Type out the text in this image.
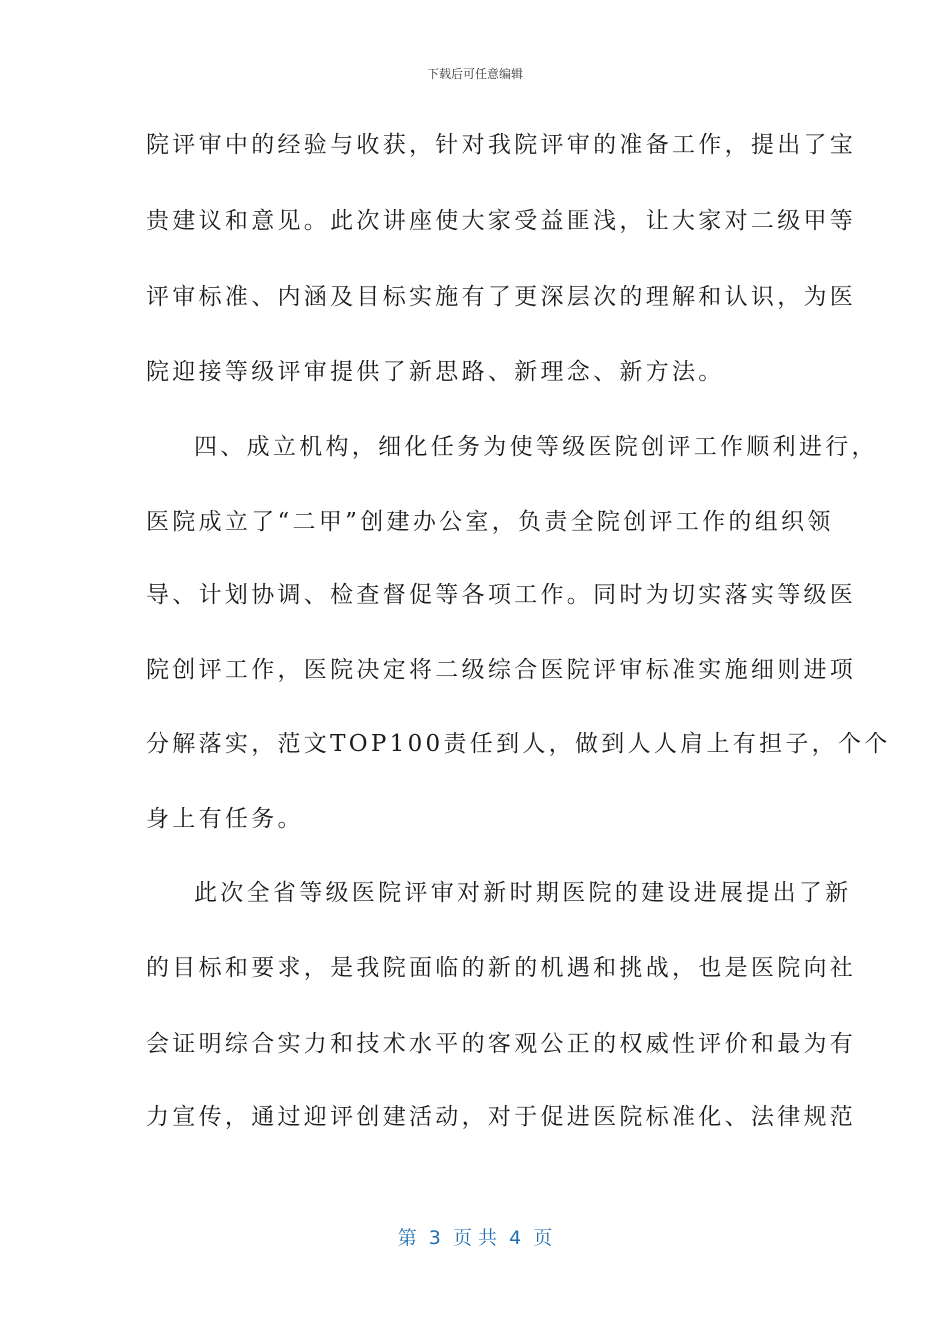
下载后可任意编辑
院评审中的经验与收获，针对我院评审的准备工作，提出了宝
贵建议和意见。此次讲座使大家受益匪浅，让大家对二级甲等
评审标准、内涵及目标实施有了更深层次的理解和认识，为医
院迎接等级评审提供了新思路、新理念、新方法。
四、成立机构，细化任务为使等级医院创评工作顺利进行，
医院成立了“二甲”创建办公室，负责全院创评工作的组织领
导、计划协调、检查督促等各项工作。同时为切实落实等级医
院创评工作，医院决定将二级综合医院评审标准实施细则进项
分解落实，范文TOP100责任到人，做到人人肩上有担子，个个
身上有任务。
此次全省等级医院评审对新时期医院的建设进展提出了新
的目标和要求，是我院面临的新的机遇和挑战，也是医院向社
会证明综合实力和技术水平的客观公正的权威性评价和最为有
力宣传，通过迎评创建活动，对于促进医院标准化、法律规范
第  3  页 共  4  页
